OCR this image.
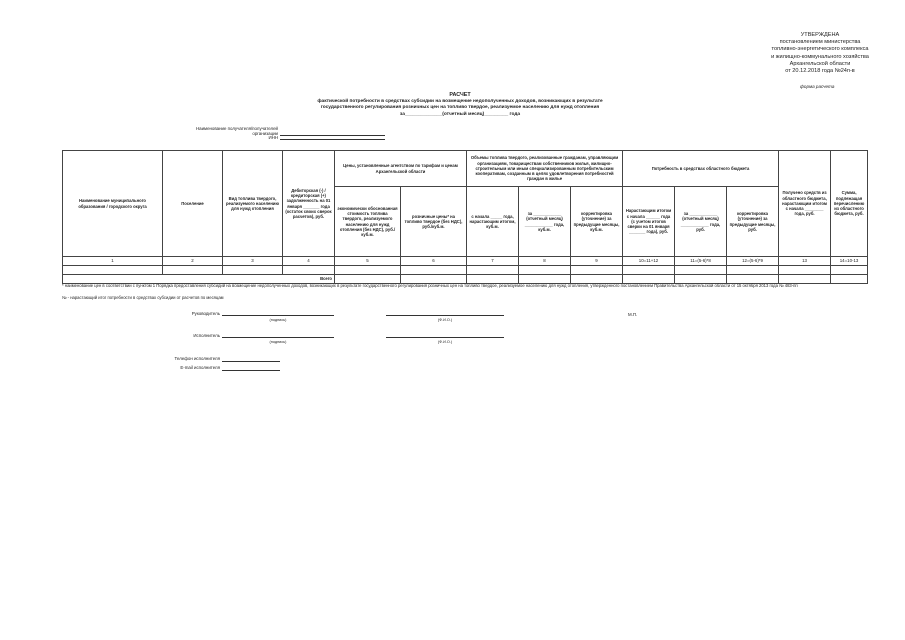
УТВЕРЖДЕНА
постановлением министерства
топливно-энергетического комплекса
и жилищно-коммунального хозяйства
Архангельской области
от 20.12.2018 года №24п-в
форма расчета
РАСЧЕТ
фактической потребности в средствах субсидии на возмещение недополученных доходов, возникающих в результате
государственного регулирования розничных цен на топливо твердое, реализуемое населению для нужд отопления
за______________(отчетный месяц)_________ года
Наименование получателя/получателей организации
ИНН
Наименование муниципального образования / городского округа	Поселение	Вид топлива твердого, реализуемого населению для нужд отопления	Дебиторская (-) / кредиторская (+) задолженность на 01 января _______ года (остаток своих сверок расчетов), руб.	Цены, установленные агентством по тарифам и ценам Архангельской области		Объемы топлива твердого, реализованные гражданам, управляющим организациям, товариществам собственников жилья, жилищно-строительным или иным специализированным потребительским кооперативам, созданным в целях удовлетворения потребностей граждан в жилье			Потребность в средствах областного бюджета			Получено средств из областного бюджета, нарастающим итогом с начала ________ года, руб.	Сумма, подлежащая перечислению из областного бюджета, руб.
				экономически обоснованная стоимость топлива твердого, реализуемого населению для нужд отопления (без НДС), руб./куб.м.	розничные цены* на топливо твердое (без НДС), руб./куб.м.	с начала _____ года, нарастающим итогом, куб.м.	за ____________ (отчетный месяц) ____________ года, куб.м.	корректировка (уточнение) за предыдущие месяцы, куб.м.	Нарастающим итогом с начала ______ года (с учетом итогов сверки на 01 января _______ года), руб.	за ____________ (отчетный месяц) ____________ года, руб.	корректировка (уточнение) за предыдущие месяцы, руб.		
1	2	3	4	5	6	7	8	9	10=11+12	11=(5-6)*8	12=(5-6)*9	13	14=10-13

Всего													
* наименование цен в соответствии с пунктом 1 Порядка предоставления субсидий на возмещение недополученных доходов, возникающих в результате государственного регулирования розничных цен на топливо твердое, реализуемое населению для нужд отопления, утвержденного постановлением Правительства Архангельской области от 15 октября 2013 года № 483-пп
№ - нарастающий итог потребности в средствах субсидии от расчетов по месяцам
Руководитель
(подпись)	(Ф.И.О.)
М.П.
Исполнитель
(подпись)	(Ф.И.О.)
Телефон исполнителя
E-mail исполнителя
